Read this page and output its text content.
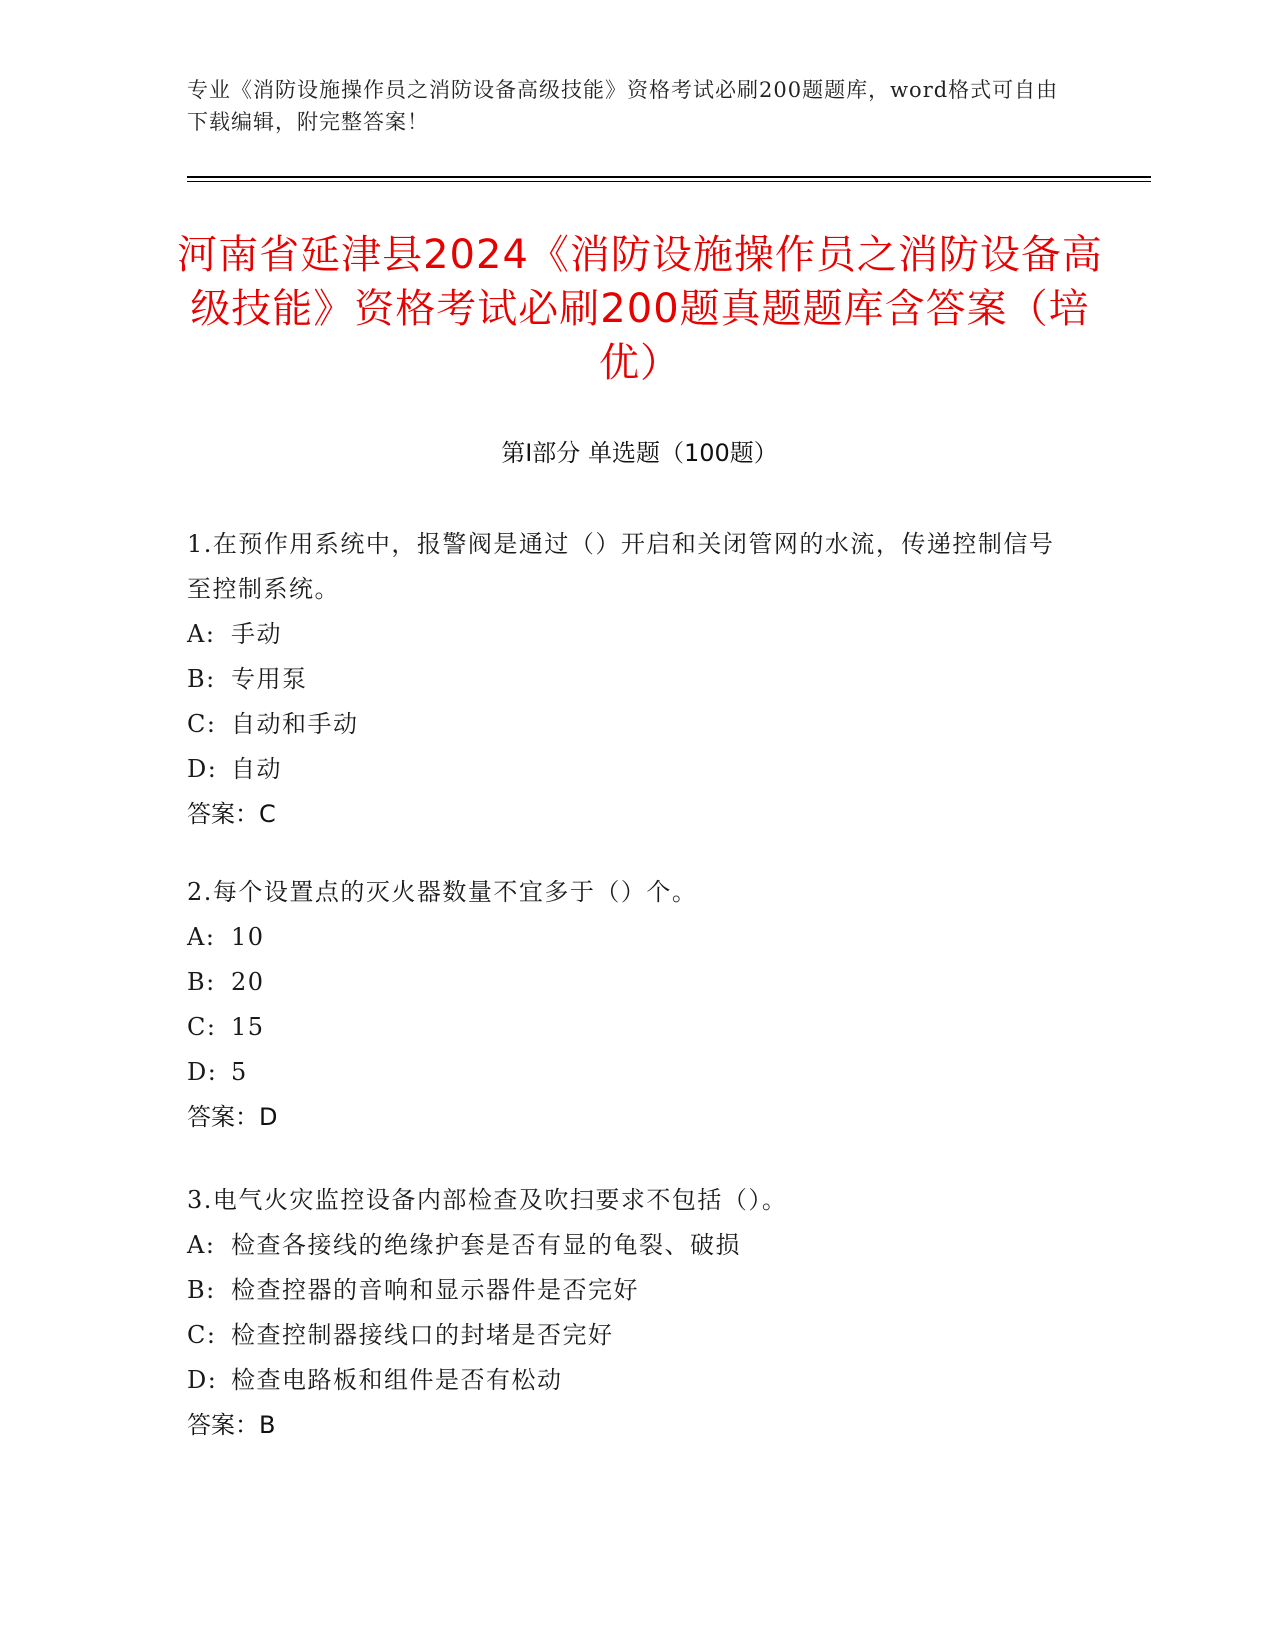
专业《消防设施操作员之消防设备高级技能》资格考试必刷200题题库，word格式可自由下载编辑，附完整答案！
河南省延津县2024《消防设施操作员之消防设备高级技能》资格考试必刷200题真题题库含答案（培优）
第Ⅰ部分 单选题（100题）
1.在预作用系统中，报警阀是通过（）开启和关闭管网的水流，传递控制信号至控制系统。
A: 手动
B: 专用泵
C: 自动和手动
D: 自动
答案：C
2.每个设置点的灭火器数量不宜多于（）个。
A: 10
B: 20
C: 15
D: 5
答案：D
3.电气火灾监控设备内部检查及吹扫要求不包括（）。
A: 检查各接线的绝缘护套是否有显的龟裂、破损
B: 检查控器的音响和显示器件是否完好
C: 检查控制器接线口的封堵是否完好
D: 检查电路板和组件是否有松动
答案：B
